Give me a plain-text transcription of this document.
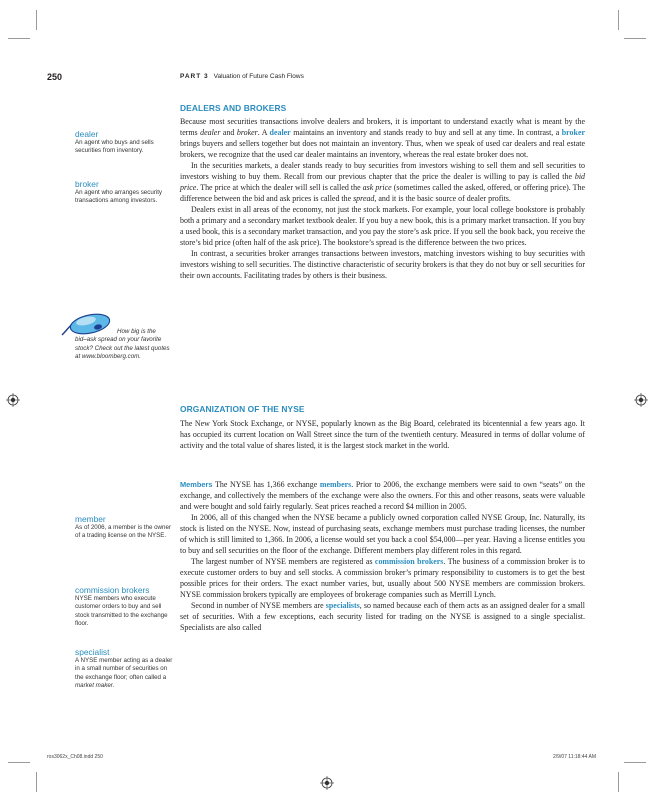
250	PART 3 Valuation of Future Cash Flows
DEALERS AND BROKERS

Because most securities transactions involve dealers and brokers, it is important to understand exactly what is meant by the terms dealer and broker. A dealer maintains an inventory and stands ready to buy and sell at any time. In contrast, a broker brings buyers and sellers together but does not maintain an inventory. Thus, when we speak of used car dealers and real estate brokers, we recognize that the used car dealer maintains an inventory, whereas the real estate broker does not.

In the securities markets, a dealer stands ready to buy securities from investors wishing to sell them and sell securities to investors wishing to buy them. Recall from our previous chapter that the price the dealer is willing to pay is called the bid price. The price at which the dealer will sell is called the ask price (sometimes called the asked, offered, or offering price). The difference between the bid and ask prices is called the spread, and it is the basic source of dealer profits.

Dealers exist in all areas of the economy, not just the stock markets. For example, your local college bookstore is probably both a primary and a secondary market textbook dealer. If you buy a new book, this is a primary market transaction. If you buy a used book, this is a secondary market transaction, and you pay the store’s ask price. If you sell the book back, you receive the store’s bid price (often half of the ask price). The bookstore’s spread is the difference between the two prices.

In contrast, a securities broker arranges transactions between investors, matching investors wishing to buy securities with investors wishing to sell securities. The distinctive characteristic of security brokers is that they do not buy or sell securities for their own accounts. Facilitating trades by others is their business.

ORGANIZATION OF THE NYSE

The New York Stock Exchange, or NYSE, popularly known as the Big Board, celebrated its bicentennial a few years ago. It has occupied its current location on Wall Street since the turn of the twentieth century. Measured in terms of dollar volume of activity and the total value of shares listed, it is the largest stock market in the world.

Members The NYSE has 1,366 exchange members. Prior to 2006, the exchange members were said to own “seats” on the exchange, and collectively the members of the exchange were also the owners. For this and other reasons, seats were valuable and were bought and sold fairly regularly. Seat prices reached a record $4 million in 2005.

In 2006, all of this changed when the NYSE became a publicly owned corporation called NYSE Group, Inc. Naturally, its stock is listed on the NYSE. Now, instead of purchasing seats, exchange members must purchase trading licenses, the number of which is still limited to 1,366. In 2006, a license would set you back a cool $54,000—per year. Having a license entitles you to buy and sell securities on the floor of the exchange. Different members play different roles in this regard.

The largest number of NYSE members are registered as commission brokers. The business of a commission broker is to execute customer orders to buy and sell stocks. A commission broker’s primary responsibility to customers is to get the best possible prices for their orders. The exact number varies, but, usually about 500 NYSE members are commission brokers. NYSE commission brokers typically are employees of brokerage companies such as Merrill Lynch.

Second in number of NYSE members are specialists, so named because each of them acts as an assigned dealer for a small set of securities. With a few exceptions, each security listed for trading on the NYSE is assigned to a single specialist. Specialists are also called

dealer
An agent who buys and sells securities from inventory.
broker
An agent who arranges security transactions among investors.
How big is the
bid–ask spread on your favorite stock? Check out the latest quotes at www.bloomberg.com.
member
As of 2006, a member is the owner of a trading license on the NYSE.
commission brokers
NYSE members who execute customer orders to buy and sell stock transmitted to the exchange floor.
specialist
A NYSE member acting as a dealer in a small number of securities on the exchange floor; often called a market maker.
ros3062x_Ch08.indd 250	2/9/07 11:18:44 AM
